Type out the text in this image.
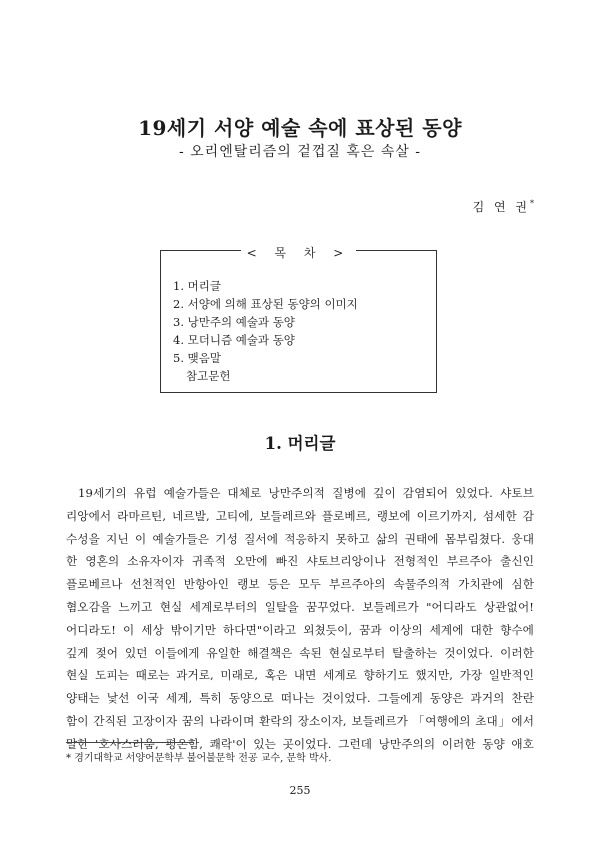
19세기 서양 예술 속에 표상된 동양
- 오리엔탈리즘의 겉껍질 혹은 속살 -
김 연 권*
< 목 차 >
1. 머리글
2. 서양에 의해 표상된 동양의 이미지
3. 낭만주의 예술과 동양
4. 모더니즘 예술과 동양
5. 맺음말
참고문헌
1. 머리글
19세기의 유럽 예술가들은 대체로 낭만주의적 질병에 깊이 감염되어 있었다. 샤토브
리앙에서 라마르틴, 네르발, 고티에, 보들레르와 플로베르, 랭보에 이르기까지, 섬세한 감
수성을 지닌 이 예술가들은 기성 질서에 적응하지 못하고 삶의 권태에 몸부림쳤다. 웅대
한 영혼의 소유자이자 귀족적 오만에 빠진 샤토브리앙이나 전형적인 부르주아 출신인
플로베르나 선천적인 반항아인 랭보 등은 모두 부르주아의 속물주의적 가치관에 심한
혐오감을 느끼고 현실 세계로부터의 일탈을 꿈꾸었다. 보들레르가 "어디라도 상관없어!
어디라도! 이 세상 밖이기만 하다면"이라고 외쳤듯이, 꿈과 이상의 세계에 대한 향수에
깊게 젖어 있던 이들에게 유일한 해결책은 속된 현실로부터 탈출하는 것이었다. 이러한
현실 도피는 때로는 과거로, 미래로, 혹은 내면 세계로 향하기도 했지만, 가장 일반적인
양태는 낯선 이국 세계, 특히 동양으로 떠나는 것이었다. 그들에게 동양은 과거의 찬란
함이 간직된 고장이자 꿈의 나라이며 환락의 장소이자, 보들레르가 「여행에의 초대」에서
말한 '호사스러움, 평온함, 쾌락'이 있는 곳이었다. 그런데 낭만주의의 이러한 동양 애호
* 경기대학교 서양어문학부 불어불문학 전공 교수, 문학 박사.
255
